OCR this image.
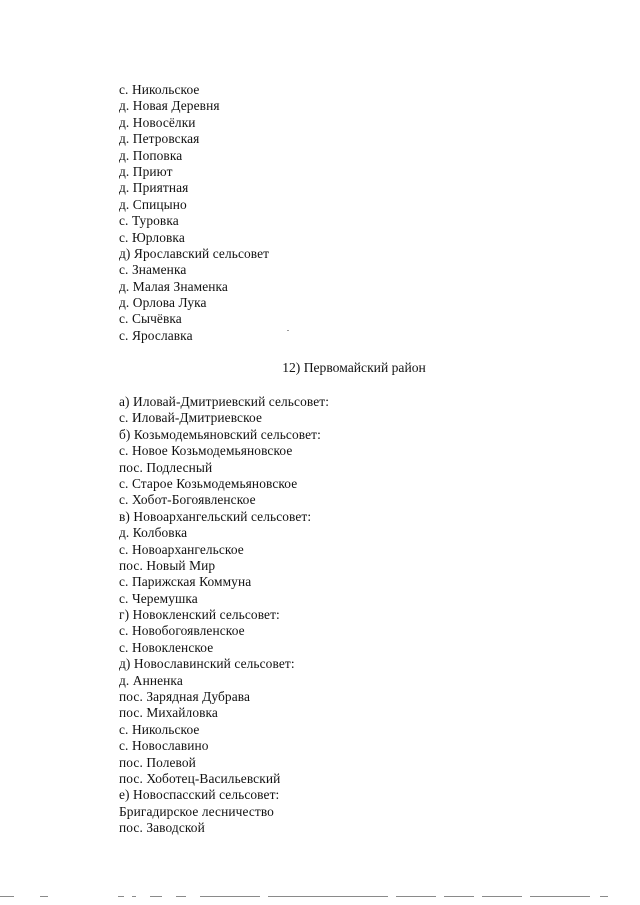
с. Никольское
д. Новая Деревня
д. Новосёлки
д. Петровская
д. Поповка
д. Приют
д. Приятная
д. Спицыно
с. Туровка
с. Юрловка
д) Ярославский сельсовет
с. Знаменка
д. Малая Знаменка
д. Орлова Лука
с. Сычёвка
с. Ярославка
12) Первомайский район
а) Иловай-Дмитриевский сельсовет:
с. Иловай-Дмитриевское
б) Козьмодемьяновский сельсовет:
с. Новое Козьмодемьяновское
пос. Подлесный
с. Старое Козьмодемьяновское
с. Хобот-Богоявленское
в) Новоархангельский сельсовет:
д. Колбовка
с. Новоархангельское
пос. Новый Мир
с. Парижская Коммуна
с. Черемушка
г) Новокленский сельсовет:
с. Новобогоявленское
с. Новокленское
д) Новославинский сельсовет:
д. Анненка
пос. Зарядная Дубрава
пос. Михайловка
с. Никольское
с. Новославино
пос. Полевой
пос. Хоботец-Васильевский
е) Новоспасский сельсовет:
Бригадирское лесничество
пос. Заводской
